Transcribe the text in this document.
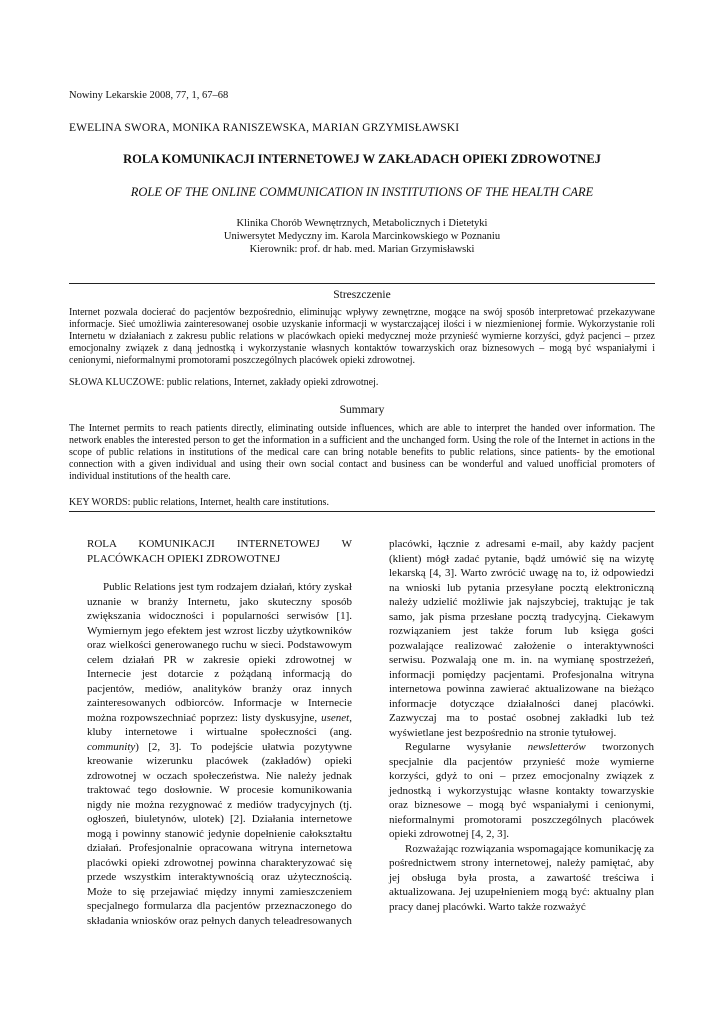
Nowiny Lekarskie 2008, 77, 1, 67–68
EWELINA SWORA, MONIKA RANISZEWSKA, MARIAN GRZYMISŁAWSKI
ROLA KOMUNIKACJI INTERNETOWEJ W ZAKŁADACH OPIEKI ZDROWOTNEJ
ROLE OF THE ONLINE COMMUNICATION IN INSTITUTIONS OF THE HEALTH CARE
Klinika Chorób Wewnętrznych, Metabolicznych i Dietetyki
Uniwersytet Medyczny im. Karola Marcinkowskiego w Poznaniu
Kierownik: prof. dr hab. med. Marian Grzymisławski
Streszczenie
Internet pozwala docierać do pacjentów bezpośrednio, eliminując wpływy zewnętrzne, mogące na swój sposób interpretować przekazywane informacje. Sieć umożliwia zainteresowanej osobie uzyskanie informacji w wystarczającej ilości i w niezmienionej formie. Wykorzystanie roli Internetu w działaniach z zakresu public relations w placówkach opieki medycznej może przynieść wymierne korzyści, gdyż pacjenci – przez emocjonalny związek z daną jednostką i wykorzystanie własnych kontaktów towarzyskich oraz biznesowych – mogą być wspaniałymi i cenionymi, nieformalnymi promotorami poszczególnych placówek opieki zdrowotnej.
SŁOWA KLUCZOWE: public relations, Internet, zakłady opieki zdrowotnej.
Summary
The Internet permits to reach patients directly, eliminating outside influences, which are able to interpret the handed over information. The network enables the interested person to get the information in a sufficient and the unchanged form. Using the role of the Internet in actions in the scope of public relations in institutions of the medical care can bring notable benefits to public relations, since patients- by the emotional connection with a given individual and using their own social contact and business can be wonderful and valued unofficial promoters of individual institutions of the health care.
KEY WORDS: public relations, Internet, health care institutions.

ROLA KOMUNIKACJI INTERNETOWEJ W PLACÓWKACH OPIEKI ZDROWOTNEJ

Public Relations jest tym rodzajem działań, który zyskał uznanie w branży Internetu, jako skuteczny sposób zwiększania widoczności i popularności serwisów [1]. Wymiernym jego efektem jest wzrost liczby użytkowników oraz wielkości generowanego ruchu w sieci. Podstawowym celem działań PR w zakresie opieki zdrowotnej w Internecie jest dotarcie z pożądaną informacją do pacjentów, mediów, analityków branży oraz innych zainteresowanych odbiorców. Informacje w Internecie można rozpowszechniać poprzez: listy dyskusyjne, usenet, kluby internetowe i wirtualne społeczności (ang. community) [2, 3]. To podejście ułatwia pozytywne kreowanie wizerunku placówek (zakładów) opieki zdrowotnej w oczach społeczeństwa. Nie należy jednak traktować tego dosłownie. W procesie komunikowania nigdy nie można rezygnować z mediów tradycyjnych (tj. ogłoszeń, biuletynów, ulotek) [2]. Działania internetowe mogą i powinny stanowić jedynie dopełnienie całokształtu działań. Profesjonalnie opracowana witryna internetowa placówki opieki zdrowotnej powinna charakteryzować się przede wszystkim interaktywnością oraz użytecznością. Może to się przejawiać między innymi zamieszczeniem specjalnego formularza dla pacjentów przeznaczonego do składania wniosków oraz pełnych danych teleadresowanych

placówki, łącznie z adresami e-mail, aby każdy pacjent (klient) mógł zadać pytanie, bądź umówić się na wizytę lekarską [4, 3]. Warto zwrócić uwagę na to, iż odpowiedzi na wnioski lub pytania przesyłane pocztą elektroniczną należy udzielić możliwie jak najszybciej, traktując je tak samo, jak pisma przesłane pocztą tradycyjną. Ciekawym rozwiązaniem jest także forum lub księga gości pozwalające realizować założenie o interaktywności serwisu. Pozwalają one m. in. na wymianę spostrzeżeń, informacji pomiędzy pacjentami. Profesjonalna witryna internetowa powinna zawierać aktualizowane na bieżąco informacje dotyczące działalności danej placówki. Zazwyczaj ma to postać osobnej zakładki lub też wyświetlane jest bezpośrednio na stronie tytułowej.

Regularne wysyłanie newsletterów tworzonych specjalnie dla pacjentów przynieść może wymierne korzyści, gdyż to oni – przez emocjonalny związek z jednostką i wykorzystując własne kontakty towarzyskie oraz biznesowe – mogą być wspaniałymi i cenionymi, nieformalnymi promotorami poszczególnych placówek opieki zdrowotnej [4, 2, 3].

Rozważając rozwiązania wspomagające komunikację za pośrednictwem strony internetowej, należy pamiętać, aby jej obsługa była prosta, a zawartość treściwa i aktualizowana. Jej uzupełnieniem mogą być: aktualny plan pracy danej placówki. Warto także rozważyć
